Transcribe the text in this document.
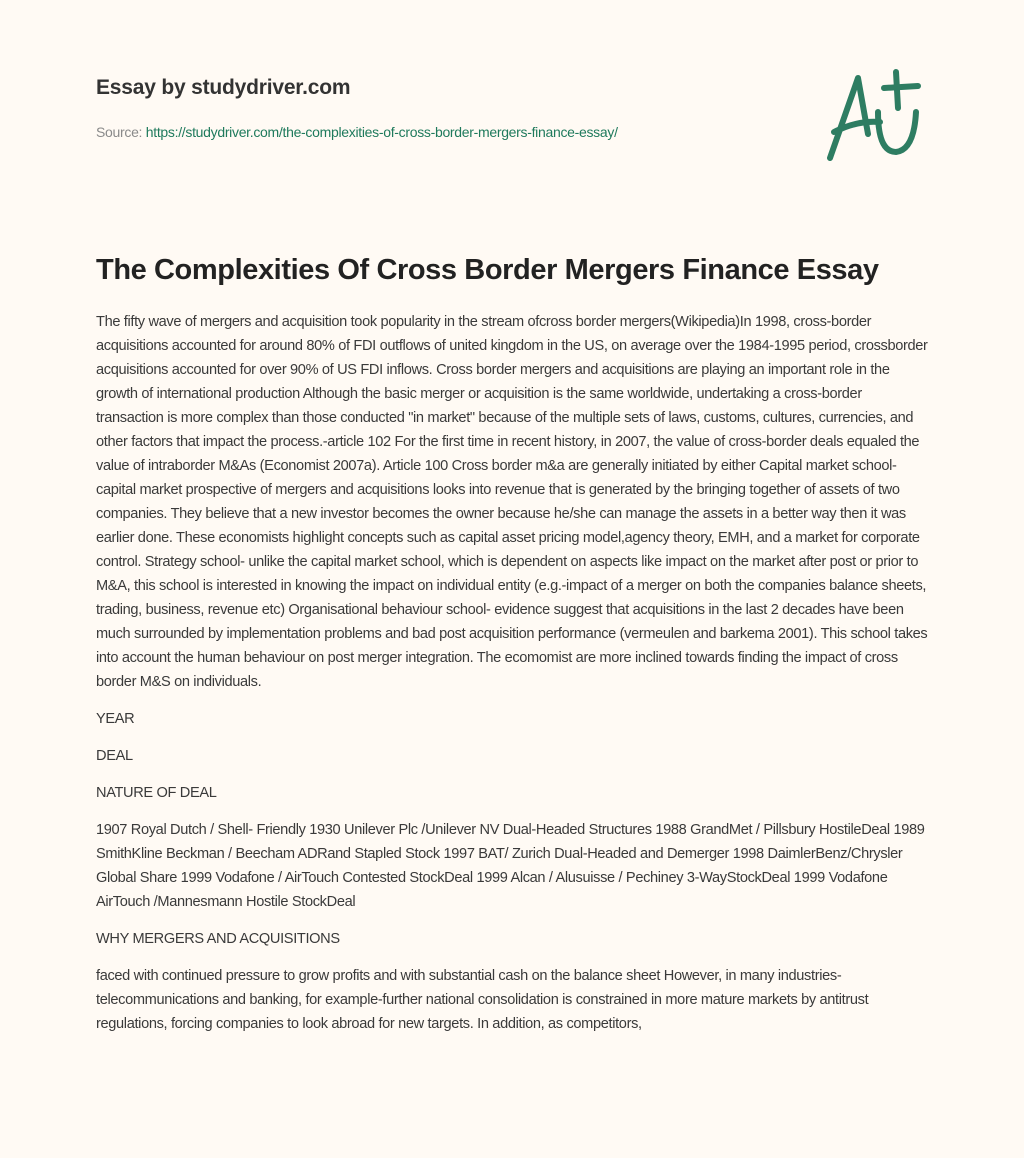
Essay by studydriver.com
Source: https://studydriver.com/the-complexities-of-cross-border-mergers-finance-essay/
The Complexities Of Cross Border Mergers Finance Essay

The fifty wave of mergers and acquisition took popularity in the stream ofcross border mergers(Wikipedia)In 1998, cross-border acquisitions accounted for around 80% of FDI outflows of united kingdom in the US, on average over the 1984-1995 period, crossborder acquisitions accounted for over 90% of US FDI inflows. Cross border mergers and acquisitions are playing an important role in the growth of international production Although the basic merger or acquisition is the same worldwide, undertaking a cross-border transaction is more complex than those conducted "in market" because of the multiple sets of laws, customs, cultures, currencies, and other factors that impact the process.-article 102 For the first time in recent history, in 2007, the value of cross-border deals equaled the value of intraborder M&As (Economist 2007a). Article 100 Cross border m&a are generally initiated by either Capital market school-capital market prospective of mergers and acquisitions looks into revenue that is generated by the bringing together of assets of two companies. They believe that a new investor becomes the owner because he/she can manage the assets in a better way then it was earlier done. These economists highlight concepts such as capital asset pricing model,agency theory, EMH, and a market for corporate control. Strategy school- unlike the capital market school, which is dependent on aspects like impact on the market after post or prior to M&A, this school is interested in knowing the impact on individual entity (e.g.-impact of a merger on both the companies balance sheets, trading, business, revenue etc) Organisational behaviour school- evidence suggest that acquisitions in the last 2 decades have been much surrounded by implementation problems and bad post acquisition performance (vermeulen and barkema 2001). This school takes into account the human behaviour on post merger integration. The ecomomist are more inclined towards finding the impact of cross border M&S on individuals.

YEAR

DEAL

NATURE OF DEAL

1907 Royal Dutch / Shell- Friendly 1930 Unilever Plc /Unilever NV Dual-Headed Structures 1988 GrandMet / Pillsbury HostileDeal 1989 SmithKline Beckman / Beecham ADRand Stapled Stock 1997 BAT/ Zurich Dual-Headed and Demerger 1998 DaimlerBenz/Chrysler Global Share 1999 Vodafone / AirTouch Contested StockDeal 1999 Alcan / Alusuisse / Pechiney 3-WayStockDeal 1999 Vodafone AirTouch /Mannesmann Hostile StockDeal

WHY MERGERS AND ACQUISITIONS

faced with continued pressure to grow profits and with substantial cash on the balance sheet However, in many industries-telecommunications and banking, for example-further national consolidation is constrained in more mature markets by antitrust regulations, forcing companies to look abroad for new targets. In addition, as competitors,
